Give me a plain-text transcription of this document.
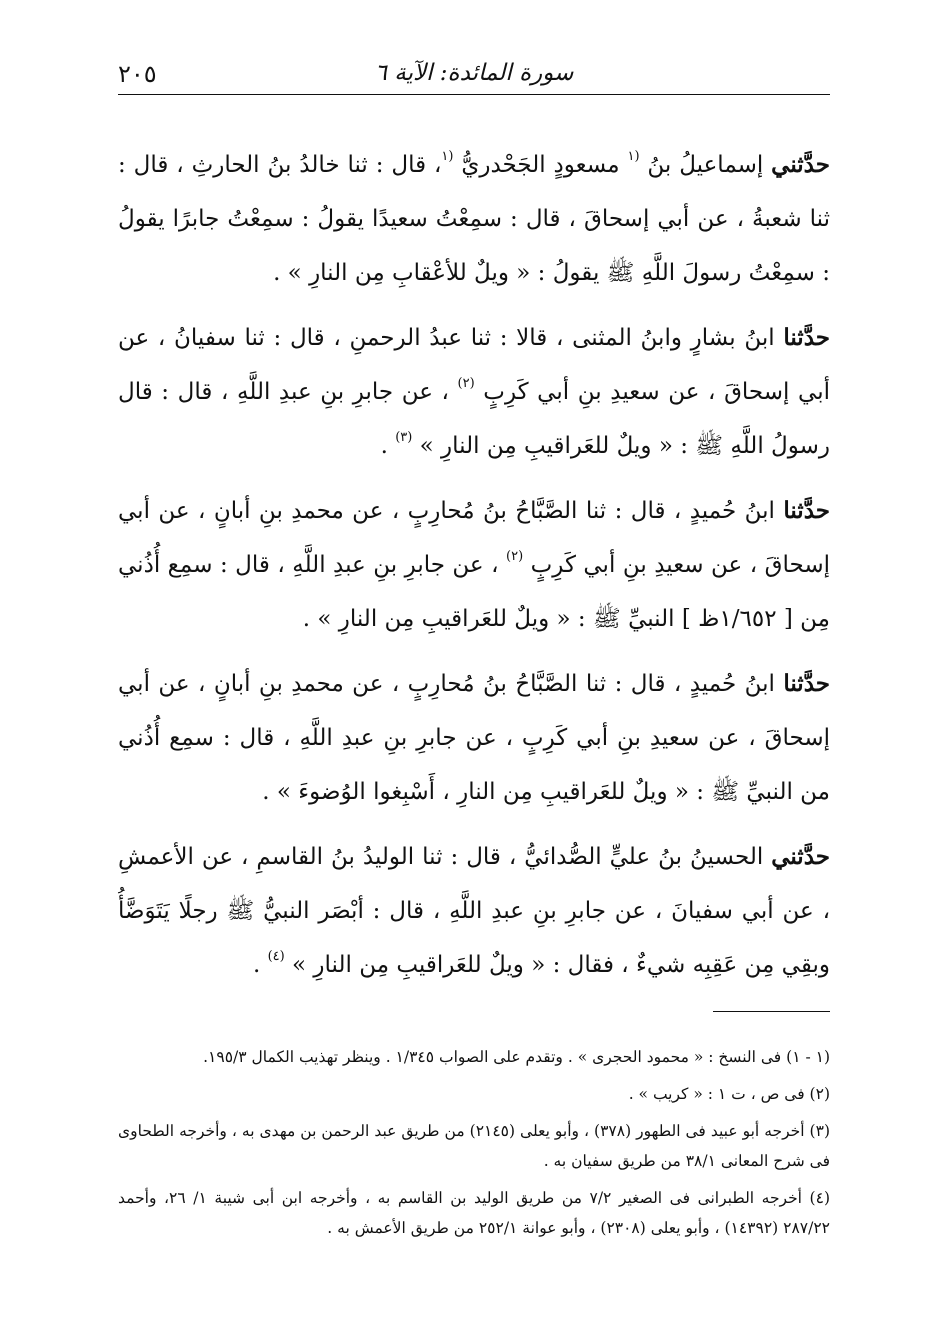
٢٠٥	سورة المائدة: الآية ٦

حدَّثني إسماعيلُ بنُ $^{(١}$ مسعودٍ الجَحْدريُّ $^{(١}$، قال : ثنا خالدُ بنُ الحارثِ ، قال : ثنا شعبةُ ، عن أبي إسحاقَ ، قال : سمِعْتُ سعيدًا يقولُ : سمِعْتُ جابرًا يقولُ : سمِعْتُ رسولَ اللَّهِ ﷺ يقولُ : « ويلٌ للأعْقابِ مِن النارِ » .

حدَّثنا ابنُ بشارٍ وابنُ المثنى ، قالا : ثنا عبدُ الرحمنِ ، قال : ثنا سفيانُ ، عن أبي إسحاقَ ، عن سعيدِ بنِ أبي كَرِبٍ $^{(٢)}$ ، عن جابرِ بنِ عبدِ اللَّهِ ، قال : قال رسولُ اللَّهِ ﷺ : « ويلٌ للعَراقيبِ مِن النارِ » $^{(٣)}$ .

حدَّثنا ابنُ حُميدٍ ، قال : ثنا الصَّبَّاحُ بنُ مُحارِبٍ ، عن محمدِ بنِ أبانٍ ، عن أبي إسحاقَ ، عن سعيدِ بنِ أبي كَرِبٍ $^{(٢)}$ ، عن جابرِ بنِ عبدِ اللَّهِ ، قال : سمِع أُذُني مِن [ ١/٦٥٢ظ ] النبيِّ ﷺ : « ويلٌ للعَراقيبِ مِن النارِ » .

حدَّثنا ابنُ حُميدٍ ، قال : ثنا الصَّبَّاحُ بنُ مُحارِبٍ ، عن محمدِ بنِ أبانٍ ، عن أبي إسحاقَ ، عن سعيدِ بنِ أبي كَرِبٍ ، عن جابرِ بنِ عبدِ اللَّهِ ، قال : سمِع أُذُني من النبيِّ ﷺ : « ويلٌ للعَراقيبِ مِن النارِ ، أَسْبِغوا الوُضوءَ » .

حدَّثني الحسينُ بنُ عليٍّ الصُّدائيُّ ، قال : ثنا الوليدُ بنُ القاسمِ ، عن الأعمشِ ، عن أبي سفيانَ ، عن جابرِ بنِ عبدِ اللَّهِ ، قال : أبْصَر النبيُّ ﷺ رجلًا يَتَوَضَّأُ وبقِي مِن عَقِبِه شيءٌ ، فقال : « ويلٌ للعَراقيبِ مِن النارِ » $^{(٤)}$ .

(١ - ١) فى النسخ : « محمود الحجرى » . وتقدم على الصواب ١/٣٤٥ . وينظر تهذيب الكمال ١٩٥/٣.

(٢) فى ص ، ت ١ : « كريب » .

(٣) أخرجه أبو عبيد فى الطهور (٣٧٨) ، وأبو يعلى (٢١٤٥) من طريق عبد الرحمن بن مهدى به ، وأخرجه الطحاوى فى شرح المعانى ٣٨/١ من طريق سفيان به .

(٤) أخرجه الطبرانى فى الصغير ٧/٢ من طريق الوليد بن القاسم به ، وأخرجه ابن أبى شيبة ١/ ٢٦، وأحمد ٢٨٧/٢٢ (١٤٣٩٢) ، وأبو يعلى (٢٣٠٨) ، وأبو عوانة ٢٥٢/١ من طريق الأعمش به .
